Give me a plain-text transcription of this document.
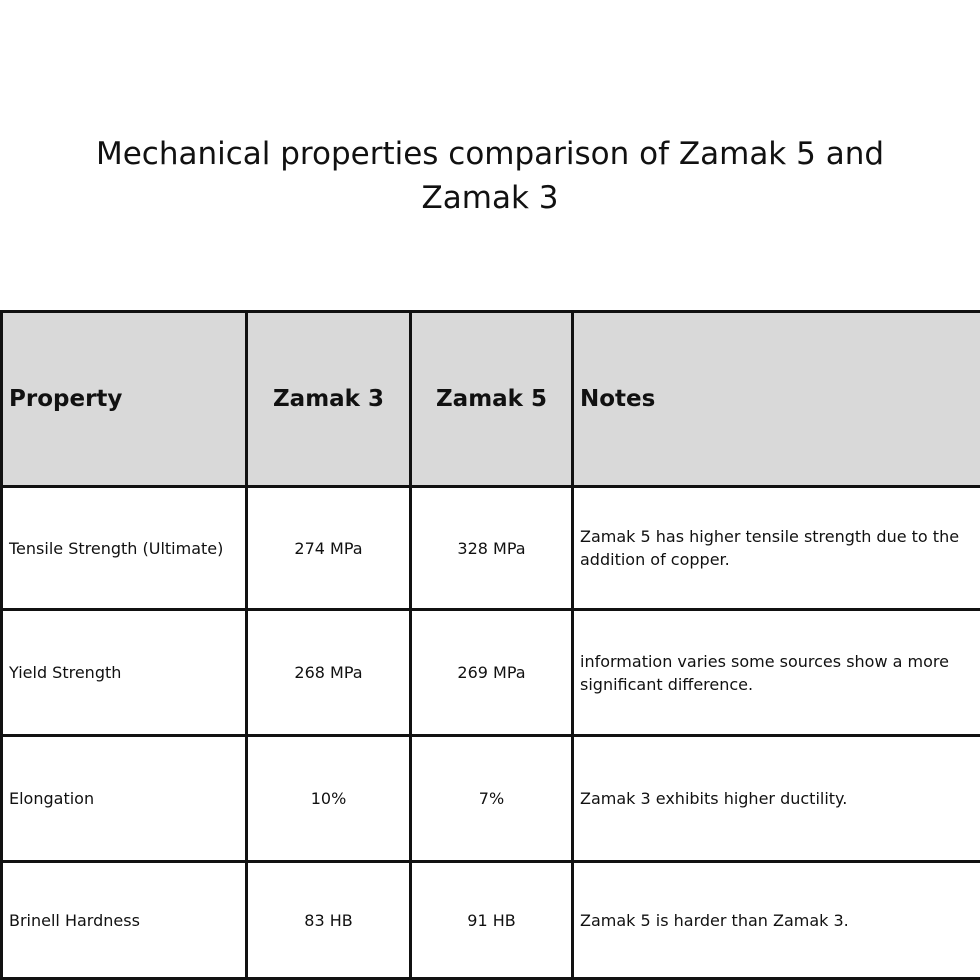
Mechanical properties comparison of Zamak 5 and Zamak 3
Property	Zamak 3	Zamak 5	Notes
Tensile Strength (Ultimate)	274 MPa	328 MPa	Zamak 5 has higher tensile strength due to the addition of copper.
Yield Strength	268 MPa	269 MPa	information varies some sources show a more significant difference.
Elongation	10%	7%	Zamak 3 exhibits higher ductility.
Brinell Hardness	83 HB	91 HB	Zamak 5 is harder than Zamak 3.
